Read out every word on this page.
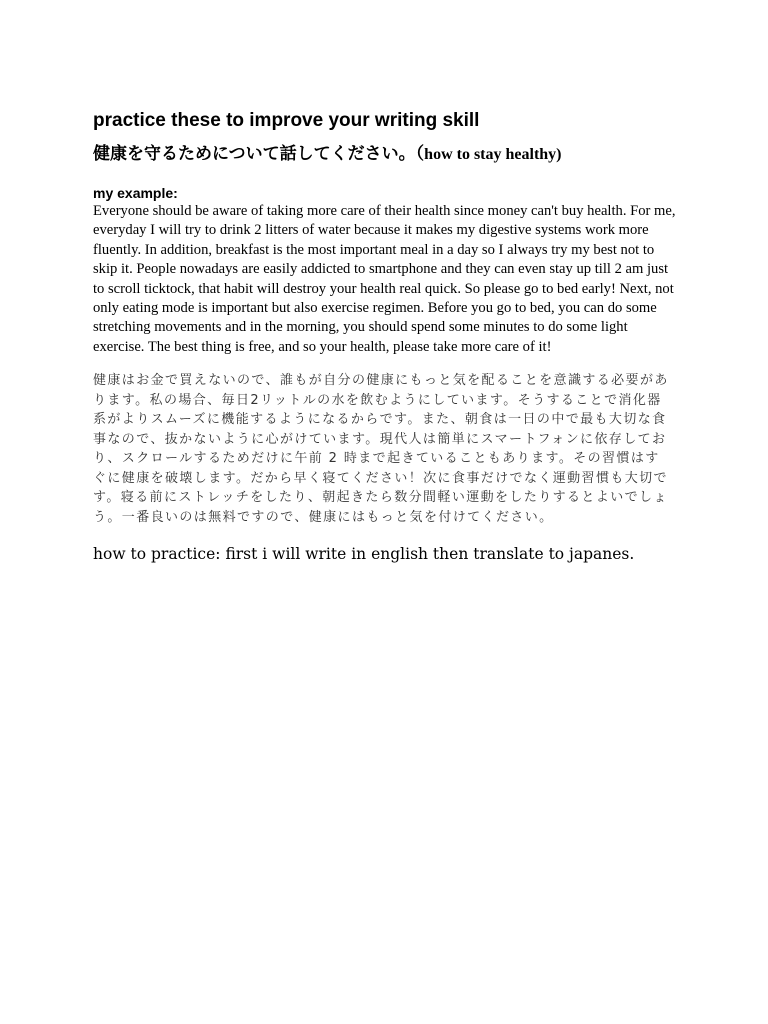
practice these to improve your writing skill
健康を守るためについて話してください。（how to stay healthy)
my example:

Everyone should be aware of taking more care of their health since money can't buy health. For me, everyday I will try to drink 2 litters of water because it makes my digestive systems work more fluently. In addition, breakfast is the most important meal in a day so I always try my best not to skip it. People nowadays are easily addicted to smartphone and they can even stay up till 2 am just to scroll ticktock, that habit will destroy your health real quick. So please go to bed early! Next, not only eating mode is important but also exercise regimen. Before you go to bed, you can do some stretching movements and in the morning, you should spend some minutes to do some light exercise. The best thing is free, and so your health, please take more care of it!

健康はお金で買えないので、誰もが自分の健康にもっと気を配ることを意識する必要があります。私の場合、毎日2リットルの水を飲むようにしています。そうすることで消化器系がよりスムーズに機能するようになるからです。また、朝食は一日の中で最も大切な食事なので、抜かないように心がけています。現代人は簡単にスマートフォンに依存しており、スクロールするためだけに午前 2 時まで起きていることもあります。その習慣はすぐに健康を破壊します。だから早く寝てください！次に食事だけでなく運動習慣も大切です。寝る前にストレッチをしたり、朝起きたら数分間軽い運動をしたりするとよいでしょう。一番良いのは無料ですので、健康にはもっと気を付けてください。

how to practice: first i will write in english then translate to japanes.
